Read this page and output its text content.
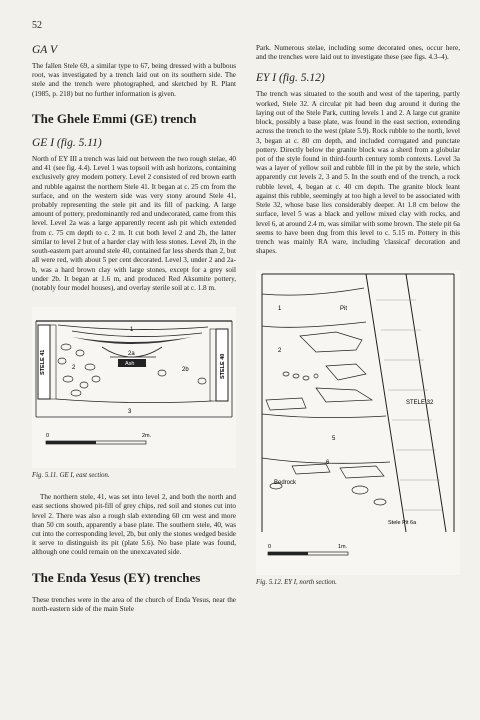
52
GA V

The fallen Stele 69, a similar type to 67, being dressed with a bulbous root, was investigated by a trench laid out on its southern side. The stele and the trench were photographed, and sketched by R. Plant (1985, p. 218) but no further information is given.

The Ghele Emmi (GE) trench
GE I (fig. 5.11)

North of EY III a trench was laid out between the two rough stelae, 40 and 41 (see fig. 4.4). Level 1 was topsoil with ash horizons, containing exclusively grey modern pottery. Level 2 consisted of red brown earth and rubble against the northern Stele 41. It began at c. 25 cm from the surface, and on the western side was very stony around Stele 41, probably representing the stele pit and its fill of packing. A large amount of pottery, predominantly red and undecorated, came from this level. Level 2a was a large apparently recent ash pit which extended from c. 75 cm depth to c. 2 m. It cut both level 2 and 2b, the latter similar to level 2 but of a harder clay with less stones. Level 2b, in the south-eastern part around stele 40, contained far less sherds than 2, but all were red, with about 5 per cent decorated. Level 3, under 2 and 2a-b, was a hard brown clay with large stones, except for a grey soil under 2b. It began at 1.6 m, and produced Red Aksumite pottery, (notably four model houses), and overlay sterile soil at c. 1.8 m.

STELE 41	STELE 40
1
2a
Ash
2	2b
3
0	2m.
Fig. 5.11. GE I, east section.

The northern stele, 41, was set into level 2, and both the north and east sections showed pit-fill of grey chips, red soil and stones cut into level 2. There was also a rough slab extending 60 cm west and more than 50 cm south, apparently a base plate. The southern stele, 40, was cut into the corresponding level, 2b, but only the stones wedged beside it serve to distinguish its pit (plate 5.6). No base plate was found, although one could remain on the unexcavated side.

The Enda Yesus (EY) trenches

These trenches were in the area of the church of Enda Yesus, near the north-eastern side of the main Stele

Park. Numerous stelae, including some decorated ones, occur here, and the trenches were laid out to investigate these (see figs. 4.3–4).

EY I (fig. 5.12)

The trench was situated to the south and west of the tapering, partly worked, Stele 32. A circular pit had been dug around it during the laying out of the Stele Park, cutting levels 1 and 2. A large cut granite block, possibly a base plate, was found in the east section, extending across the trench to the west (plate 5.9). Rock rubble to the north, level 3, began at c. 80 cm depth, and included corrugated and punctate pottery. Directly below the granite block was a sherd from a globular pot of the style found in third-fourth century tomb contexts. Level 3a was a layer of yellow soil and rubble fill in the pit by the stele, which apparently cut levels 2, 3 and 5. In the south end of the trench, a rock rubble level, 4, began at c. 40 cm depth. The granite block leant against this rubble, seemingly at too high a level to be associated with Stele 32, whose base lies considerably deeper. At 1.8 cm below the surface, level 5 was a black and yellow mixed clay with rocks, and level 6, at around 2.4 m, was similar with some brown. The stele pit 6a seems to have been dug from this level to c. 5.15 m. Pottery in this trench was mainly RA ware, including 'classical' decoration and shapes.

STELE 32
1	Pit
2
5
6
Bedrock
Stele Pit 6a
0	1m.
Fig. 5.12. EY I, north section.
